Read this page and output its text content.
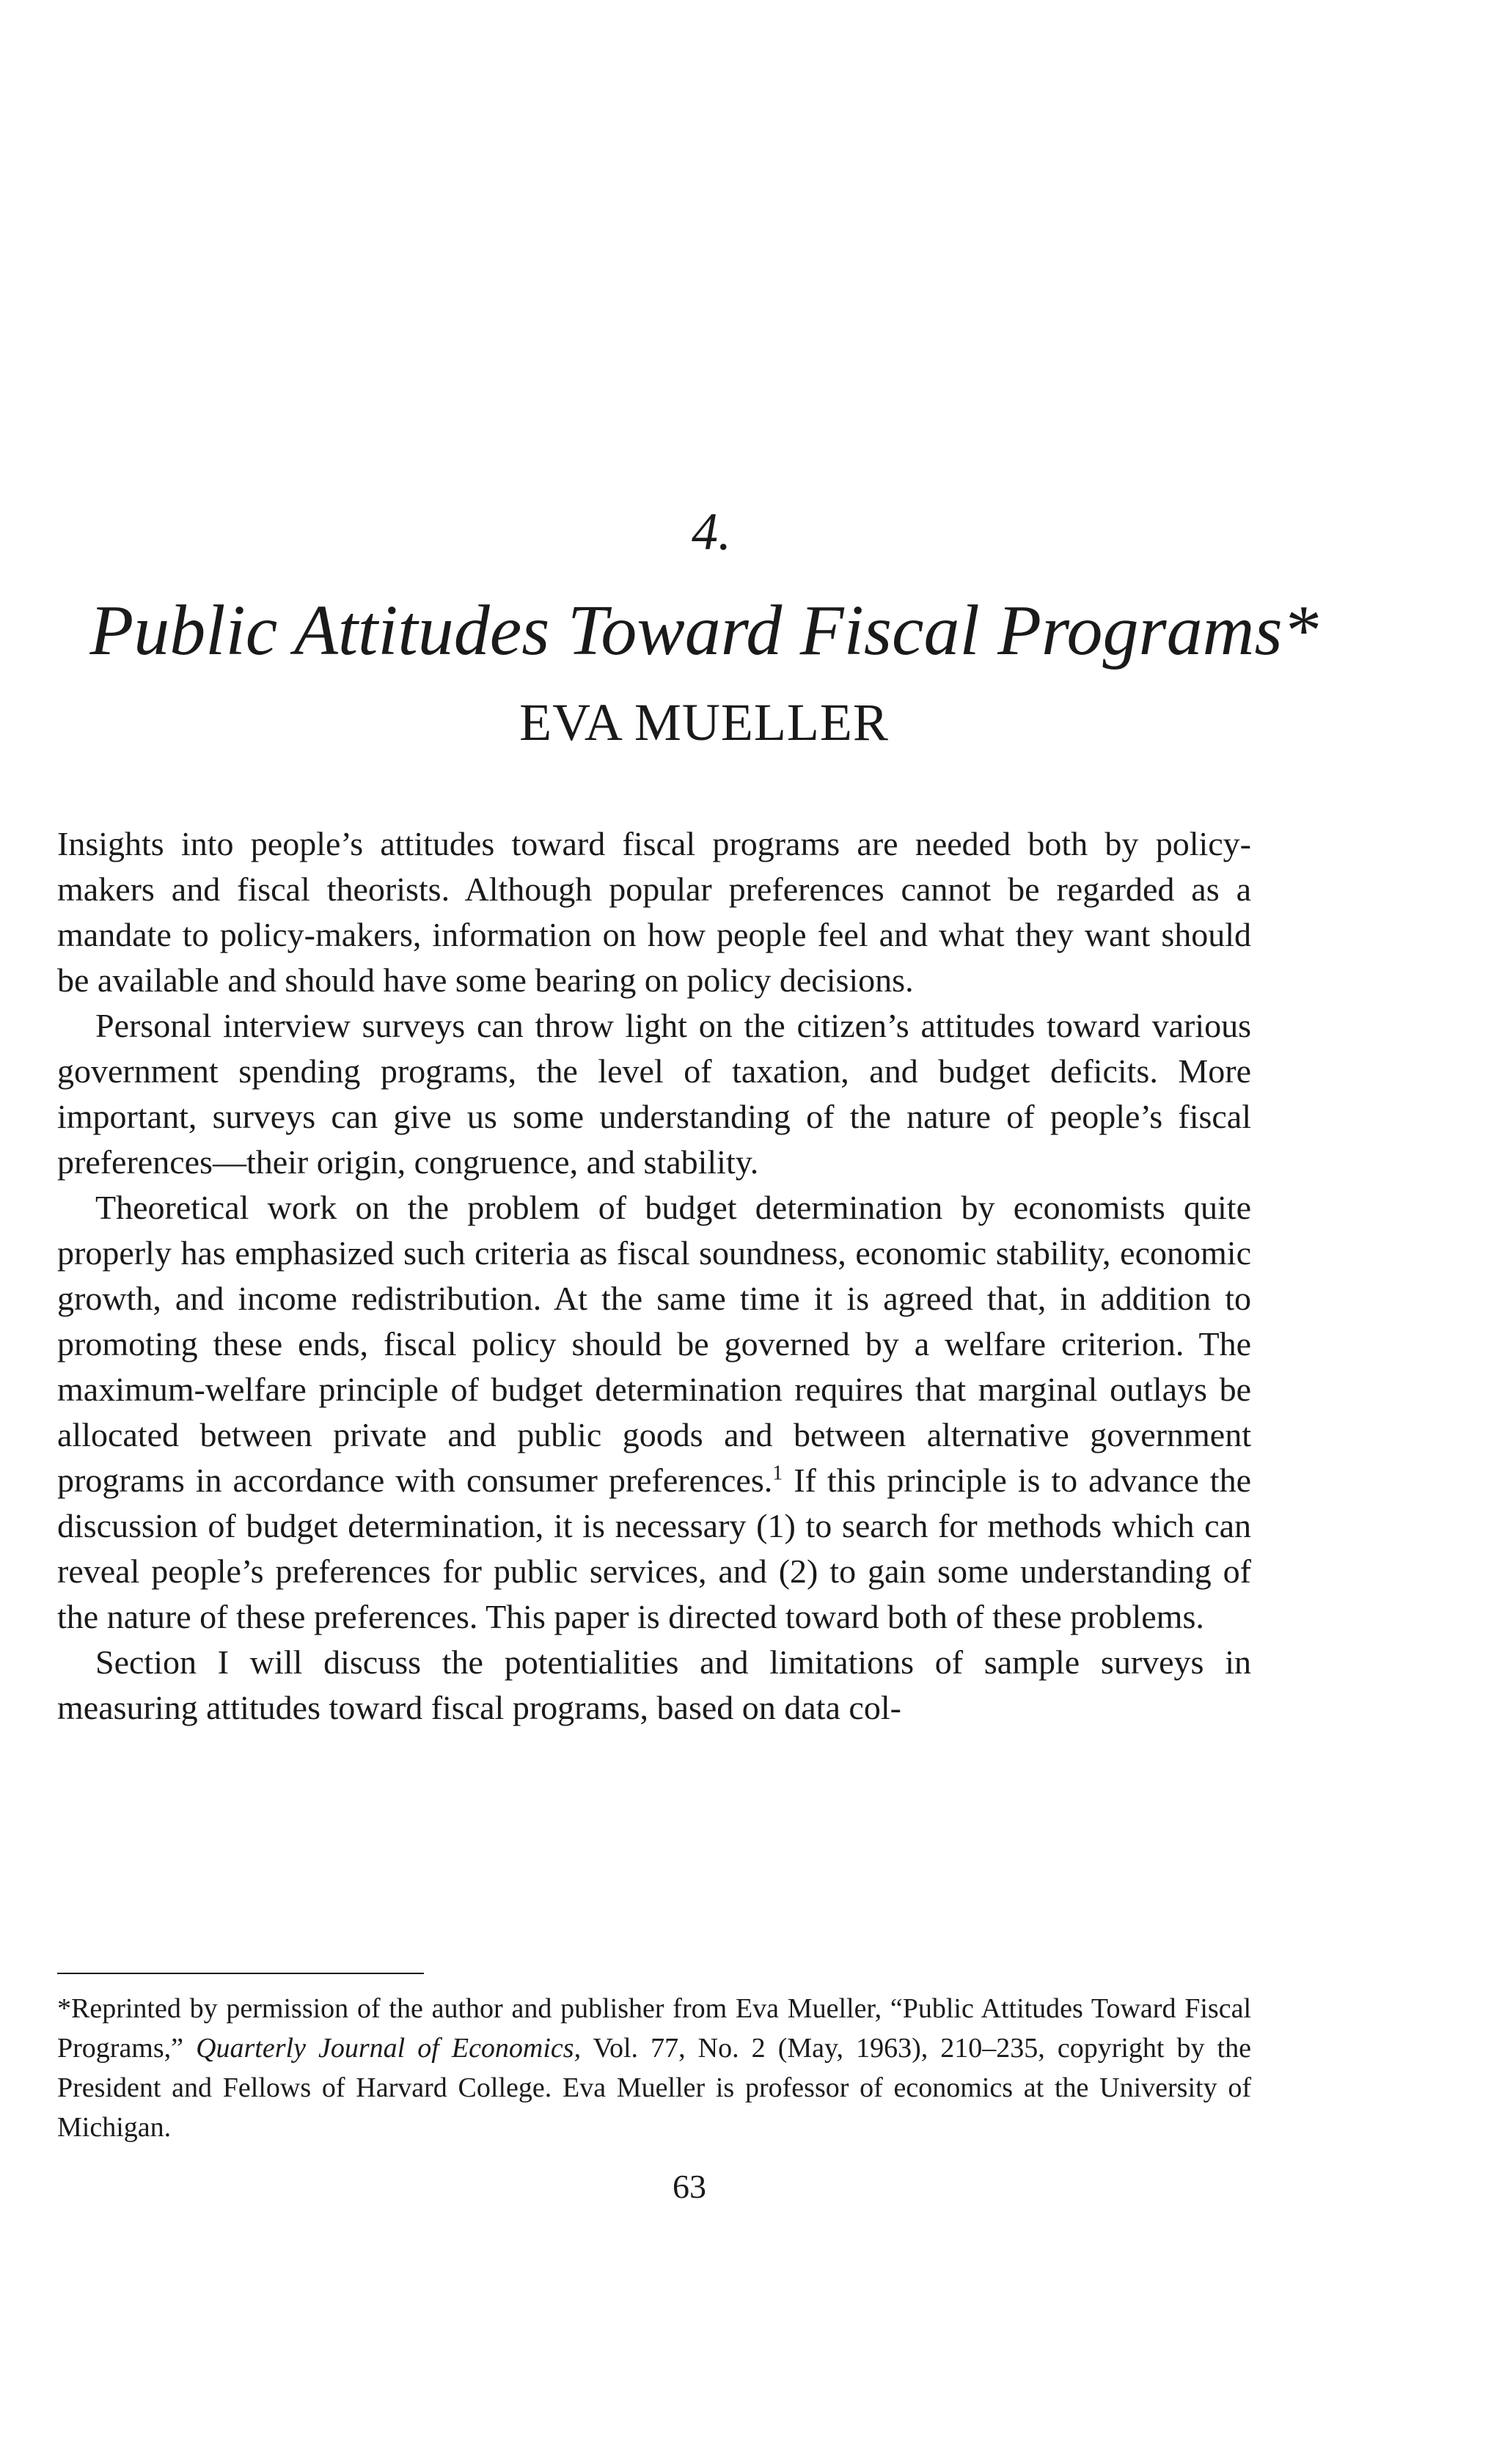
4.
Public Attitudes Toward Fiscal Programs*
EVA MUELLER

Insights into people’s attitudes toward fiscal programs are needed both by policy-makers and fiscal theorists. Although popular preferences cannot be regarded as a mandate to policy-makers, information on how people feel and what they want should be available and should have some bearing on policy decisions.

Personal interview surveys can throw light on the citizen’s attitudes toward various government spending programs, the level of taxation, and budget deficits. More important, surveys can give us some understanding of the nature of people’s fiscal preferences—their origin, congruence, and stability.

Theoretical work on the problem of budget determination by economists quite properly has emphasized such criteria as fiscal soundness, economic stability, economic growth, and income redistribution. At the same time it is agreed that, in addition to promoting these ends, fiscal policy should be governed by a welfare criterion. The maximum-welfare principle of budget determination requires that marginal outlays be allocated between private and public goods and between alternative government programs in accordance with consumer preferences.$^1$ If this principle is to advance the discussion of budget determination, it is necessary (1) to search for methods which can reveal people’s preferences for public services, and (2) to gain some understanding of the nature of these preferences. This paper is directed toward both of these problems.

Section I will discuss the potentialities and limitations of sample surveys in measuring attitudes toward fiscal programs, based on data col-

*Reprinted by permission of the author and publisher from Eva Mueller, “Public Attitudes Toward Fiscal Programs,” Quarterly Journal of Economics, Vol. 77, No. 2 (May, 1963), 210–235, copyright by the President and Fellows of Harvard College. Eva Mueller is professor of economics at the University of Michigan.

63
